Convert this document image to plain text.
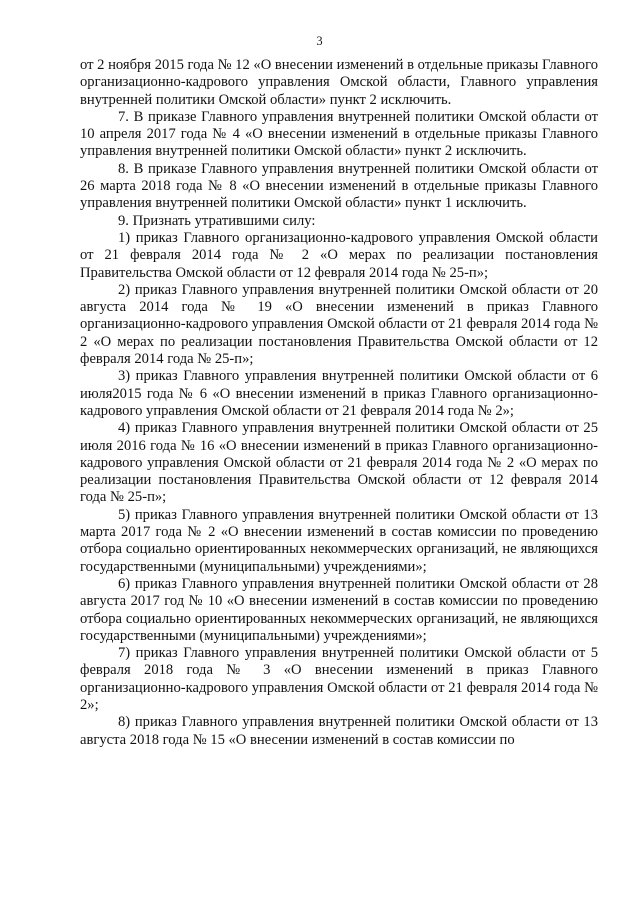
3

от 2 ноября 2015 года № 12 «О внесении изменений в отдельные приказы Главного организационно-кадрового управления Омской области, Главного управления внутренней политики Омской области» пункт 2 исключить.

7. В приказе Главного управления внутренней политики Омской области от 10 апреля 2017 года № 4 «О внесении изменений в отдельные приказы Главного управления внутренней политики Омской области» пункт 2 исключить.

8. В приказе Главного управления внутренней политики Омской области от 26 марта 2018 года № 8 «О внесении изменений в отдельные приказы Главного управления внутренней политики Омской области» пункт 1 исключить.

9. Признать утратившими силу:

1) приказ Главного организационно-кадрового управления Омской области от 21 февраля 2014 года № 2 «О мерах по реализации постановления Правительства Омской области от 12 февраля 2014 года № 25-п»;

2) приказ Главного управления внутренней политики Омской области от 20 августа 2014 года № 19 «О внесении изменений в приказ Главного организационно-кадрового управления Омской области от 21 февраля 2014 года № 2 «О мерах по реализации постановления Правительства Омской области от 12 февраля 2014 года № 25-п»;

3) приказ Главного управления внутренней политики Омской области от 6 июля2015 года № 6 «О внесении изменений в приказ Главного организационно-кадрового управления Омской области от 21 февраля 2014 года № 2»;

4) приказ Главного управления внутренней политики Омской области от 25 июля 2016 года № 16 «О внесении изменений в приказ Главного организационно-кадрового управления Омской области от 21 февраля 2014 года № 2 «О мерах по реализации постановления Правительства Омской области от 12 февраля 2014 года № 25-п»;

5) приказ Главного управления внутренней политики Омской области от 13 марта 2017 года № 2 «О внесении изменений в состав комиссии по проведению отбора социально ориентированных некоммерческих организаций, не являющихся государственными (муниципальными) учреждениями»;

6) приказ Главного управления внутренней политики Омской области от 28 августа 2017 год № 10 «О внесении изменений в состав комиссии по проведению отбора социально ориентированных некоммерческих организаций, не являющихся государственными (муниципальными) учреждениями»;

7) приказ Главного управления внутренней политики Омской области от 5 февраля 2018 года № 3 «О внесении изменений в приказ Главного организационно-кадрового управления Омской области от 21 февраля 2014 года № 2»;

8) приказ Главного управления внутренней политики Омской области от 13 августа 2018 года № 15 «О внесении изменений в состав комиссии по
